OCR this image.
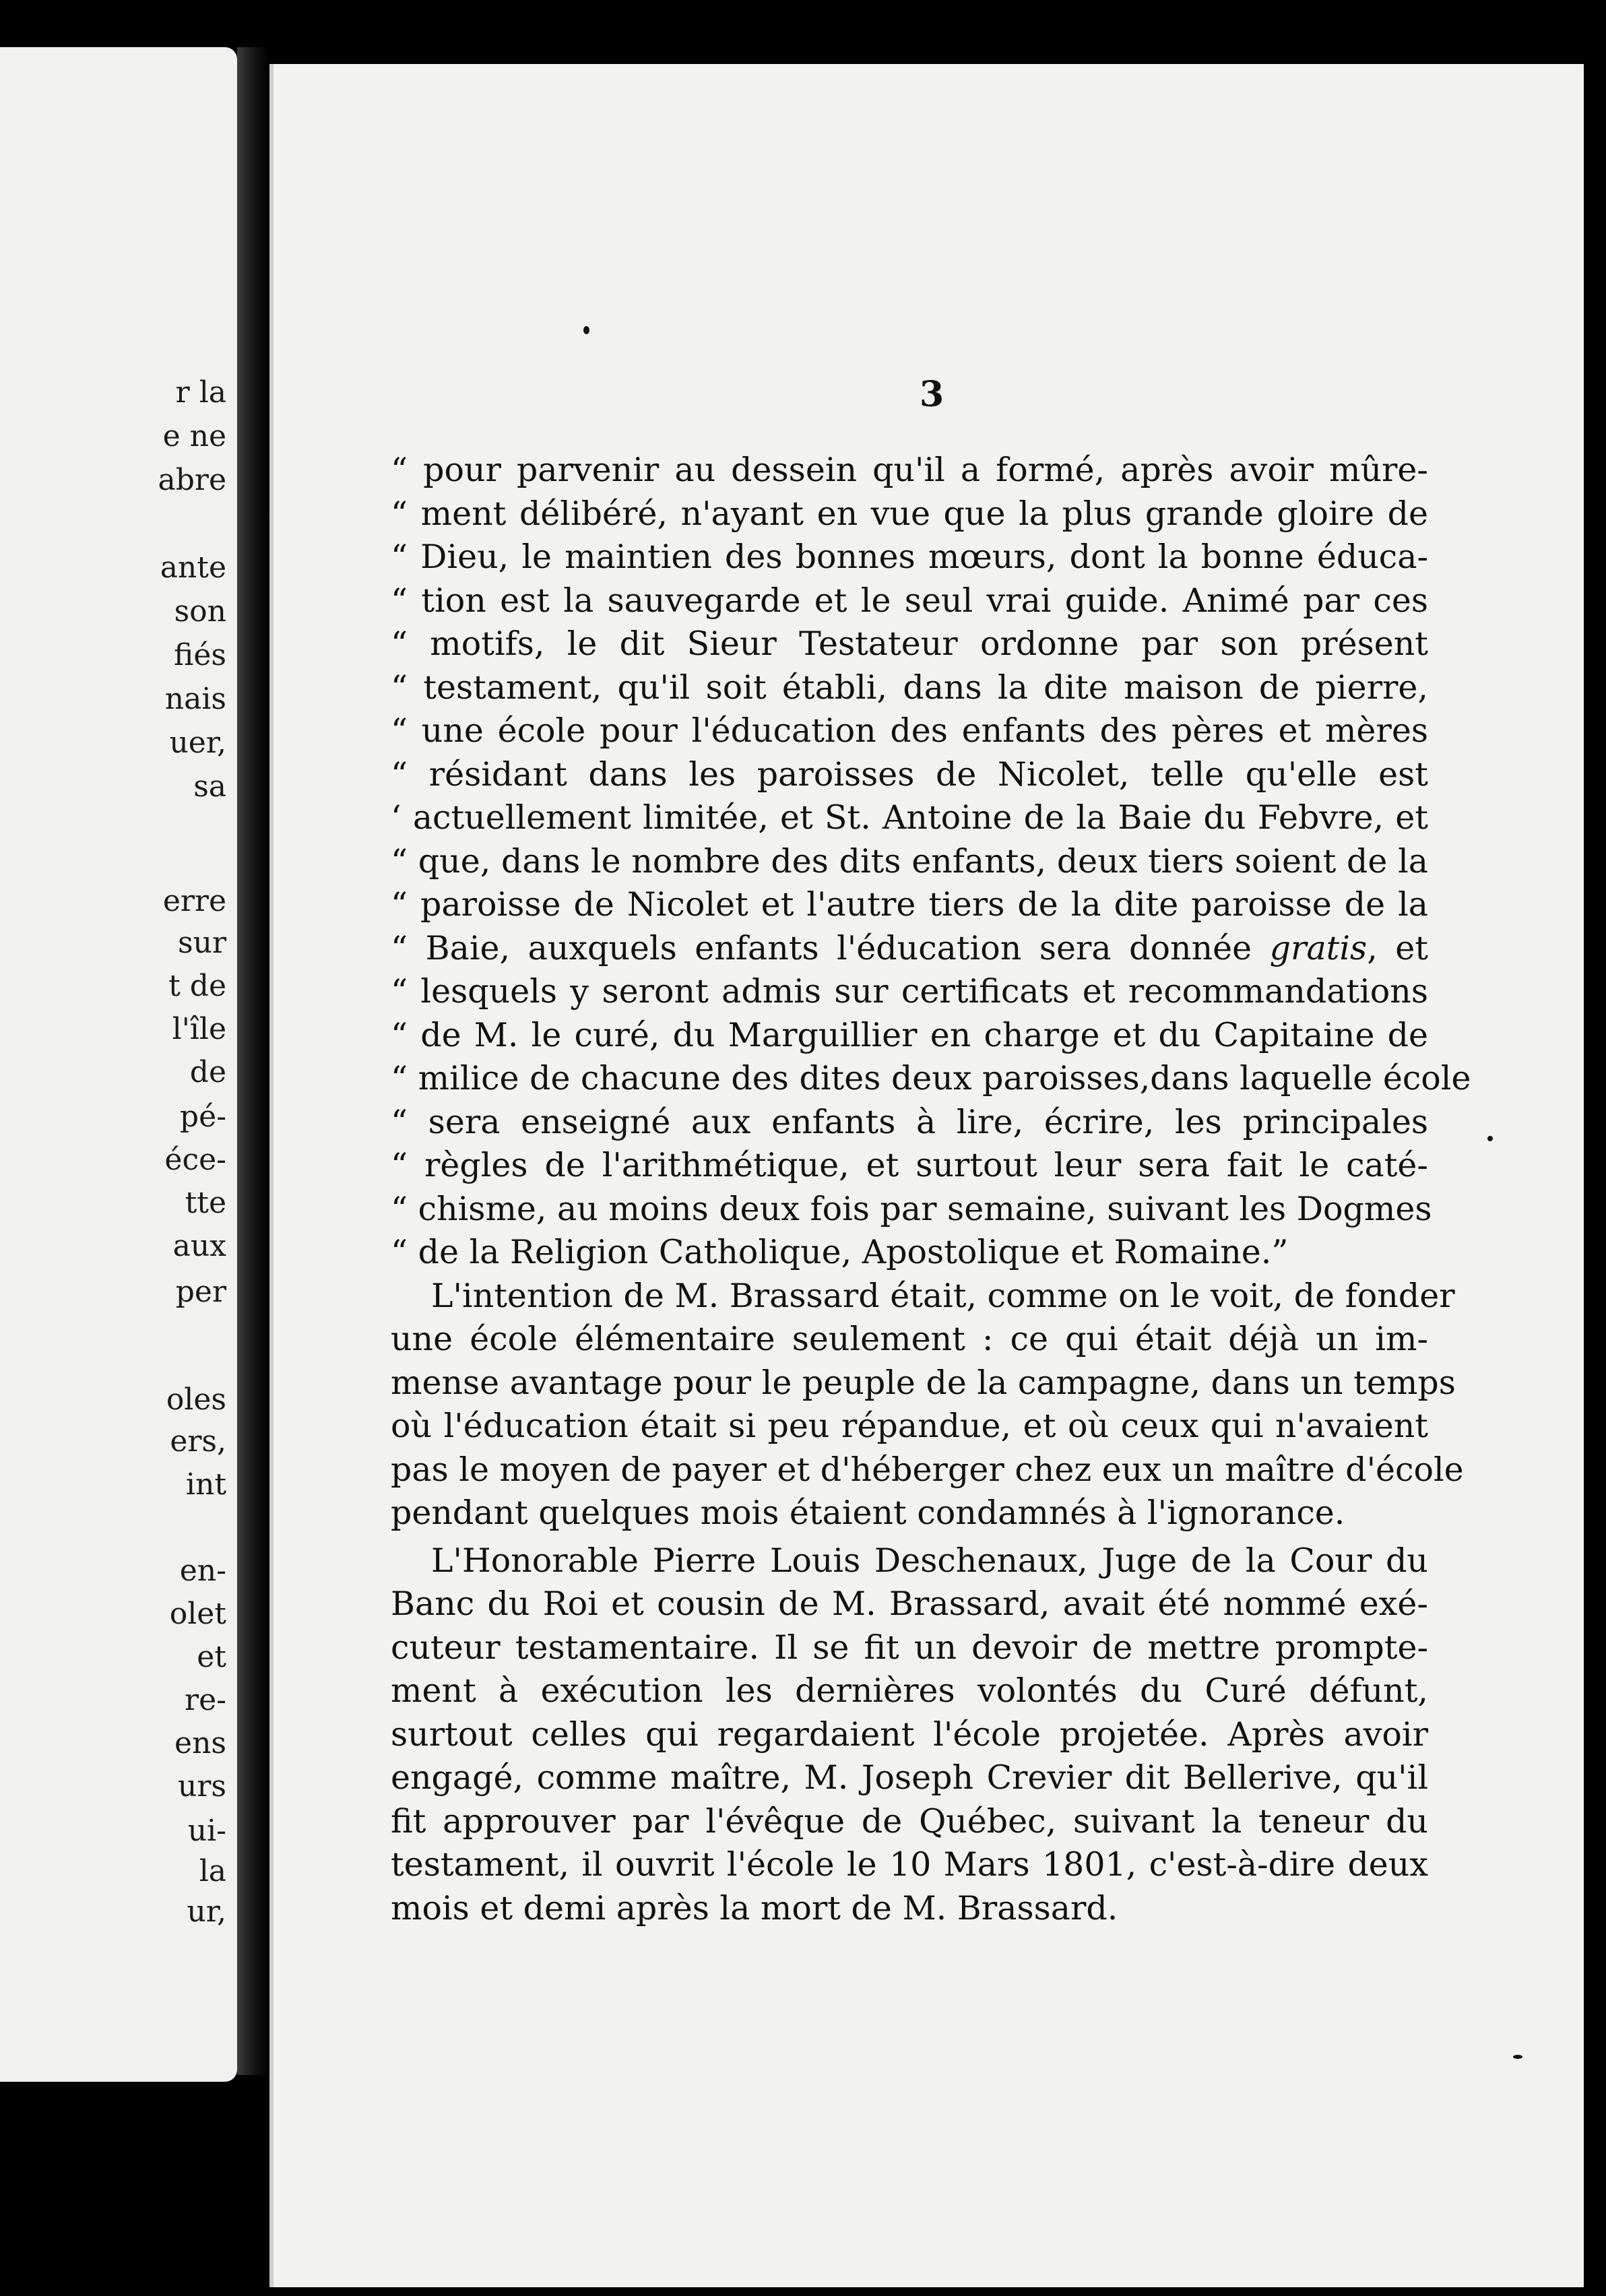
r la
e ne
abre
ante
son
fiés
nais
uer,
sa
erre
sur
t de
l'île
de
pé-
éce-
tte
aux
per
oles
ers,
int
en-
olet
et
re-
ens
urs
ui-
la
ur,
3
“ pour parvenir au dessein qu'il a formé, après avoir mûre-
“ ment délibéré, n'ayant en vue que la plus grande gloire de
“ Dieu, le maintien des bonnes mœurs, dont la bonne éduca-
“ tion est la sauvegarde et le seul vrai guide. Animé par ces
“ motifs, le dit Sieur Testateur ordonne par son présent
“ testament, qu'il soit établi, dans la dite maison de pierre,
“ une école pour l'éducation des enfants des pères et mères
“ résidant dans les paroisses de Nicolet, telle qu'elle est
‘ actuellement limitée, et St. Antoine de la Baie du Febvre, et
“ que, dans le nombre des dits enfants, deux tiers soient de la
“ paroisse de Nicolet et l'autre tiers de la dite paroisse de la
“ Baie, auxquels enfants l'éducation sera donnée gratis, et
“ lesquels y seront admis sur certificats et recommandations
“ de M. le curé, du Marguillier en charge et du Capitaine de
“ milice de chacune des dites deux paroisses,dans laquelle école
“ sera enseigné aux enfants à lire, écrire, les principales
“ règles de l'arithmétique, et surtout leur sera fait le caté-
“ chisme, au moins deux fois par semaine, suivant les Dogmes
“ de la Religion Catholique, Apostolique et Romaine.”
L'intention de M. Brassard était, comme on le voit, de fonder
une école élémentaire seulement : ce qui était déjà un im-
mense avantage pour le peuple de la campagne, dans un temps
où l'éducation était si peu répandue, et où ceux qui n'avaient
pas le moyen de payer et d'héberger chez eux un maître d'école
pendant quelques mois étaient condamnés à l'ignorance.
L'Honorable Pierre Louis Deschenaux, Juge de la Cour du
Banc du Roi et cousin de M. Brassard, avait été nommé exé-
cuteur testamentaire. Il se fit un devoir de mettre prompte-
ment à exécution les dernières volontés du Curé défunt,
surtout celles qui regardaient l'école projetée. Après avoir
engagé, comme maître, M. Joseph Crevier dit Bellerive, qu'il
fit approuver par l'évêque de Québec, suivant la teneur du
testament, il ouvrit l'école le 10 Mars 1801, c'est-à-dire deux
mois et demi après la mort de M. Brassard.
